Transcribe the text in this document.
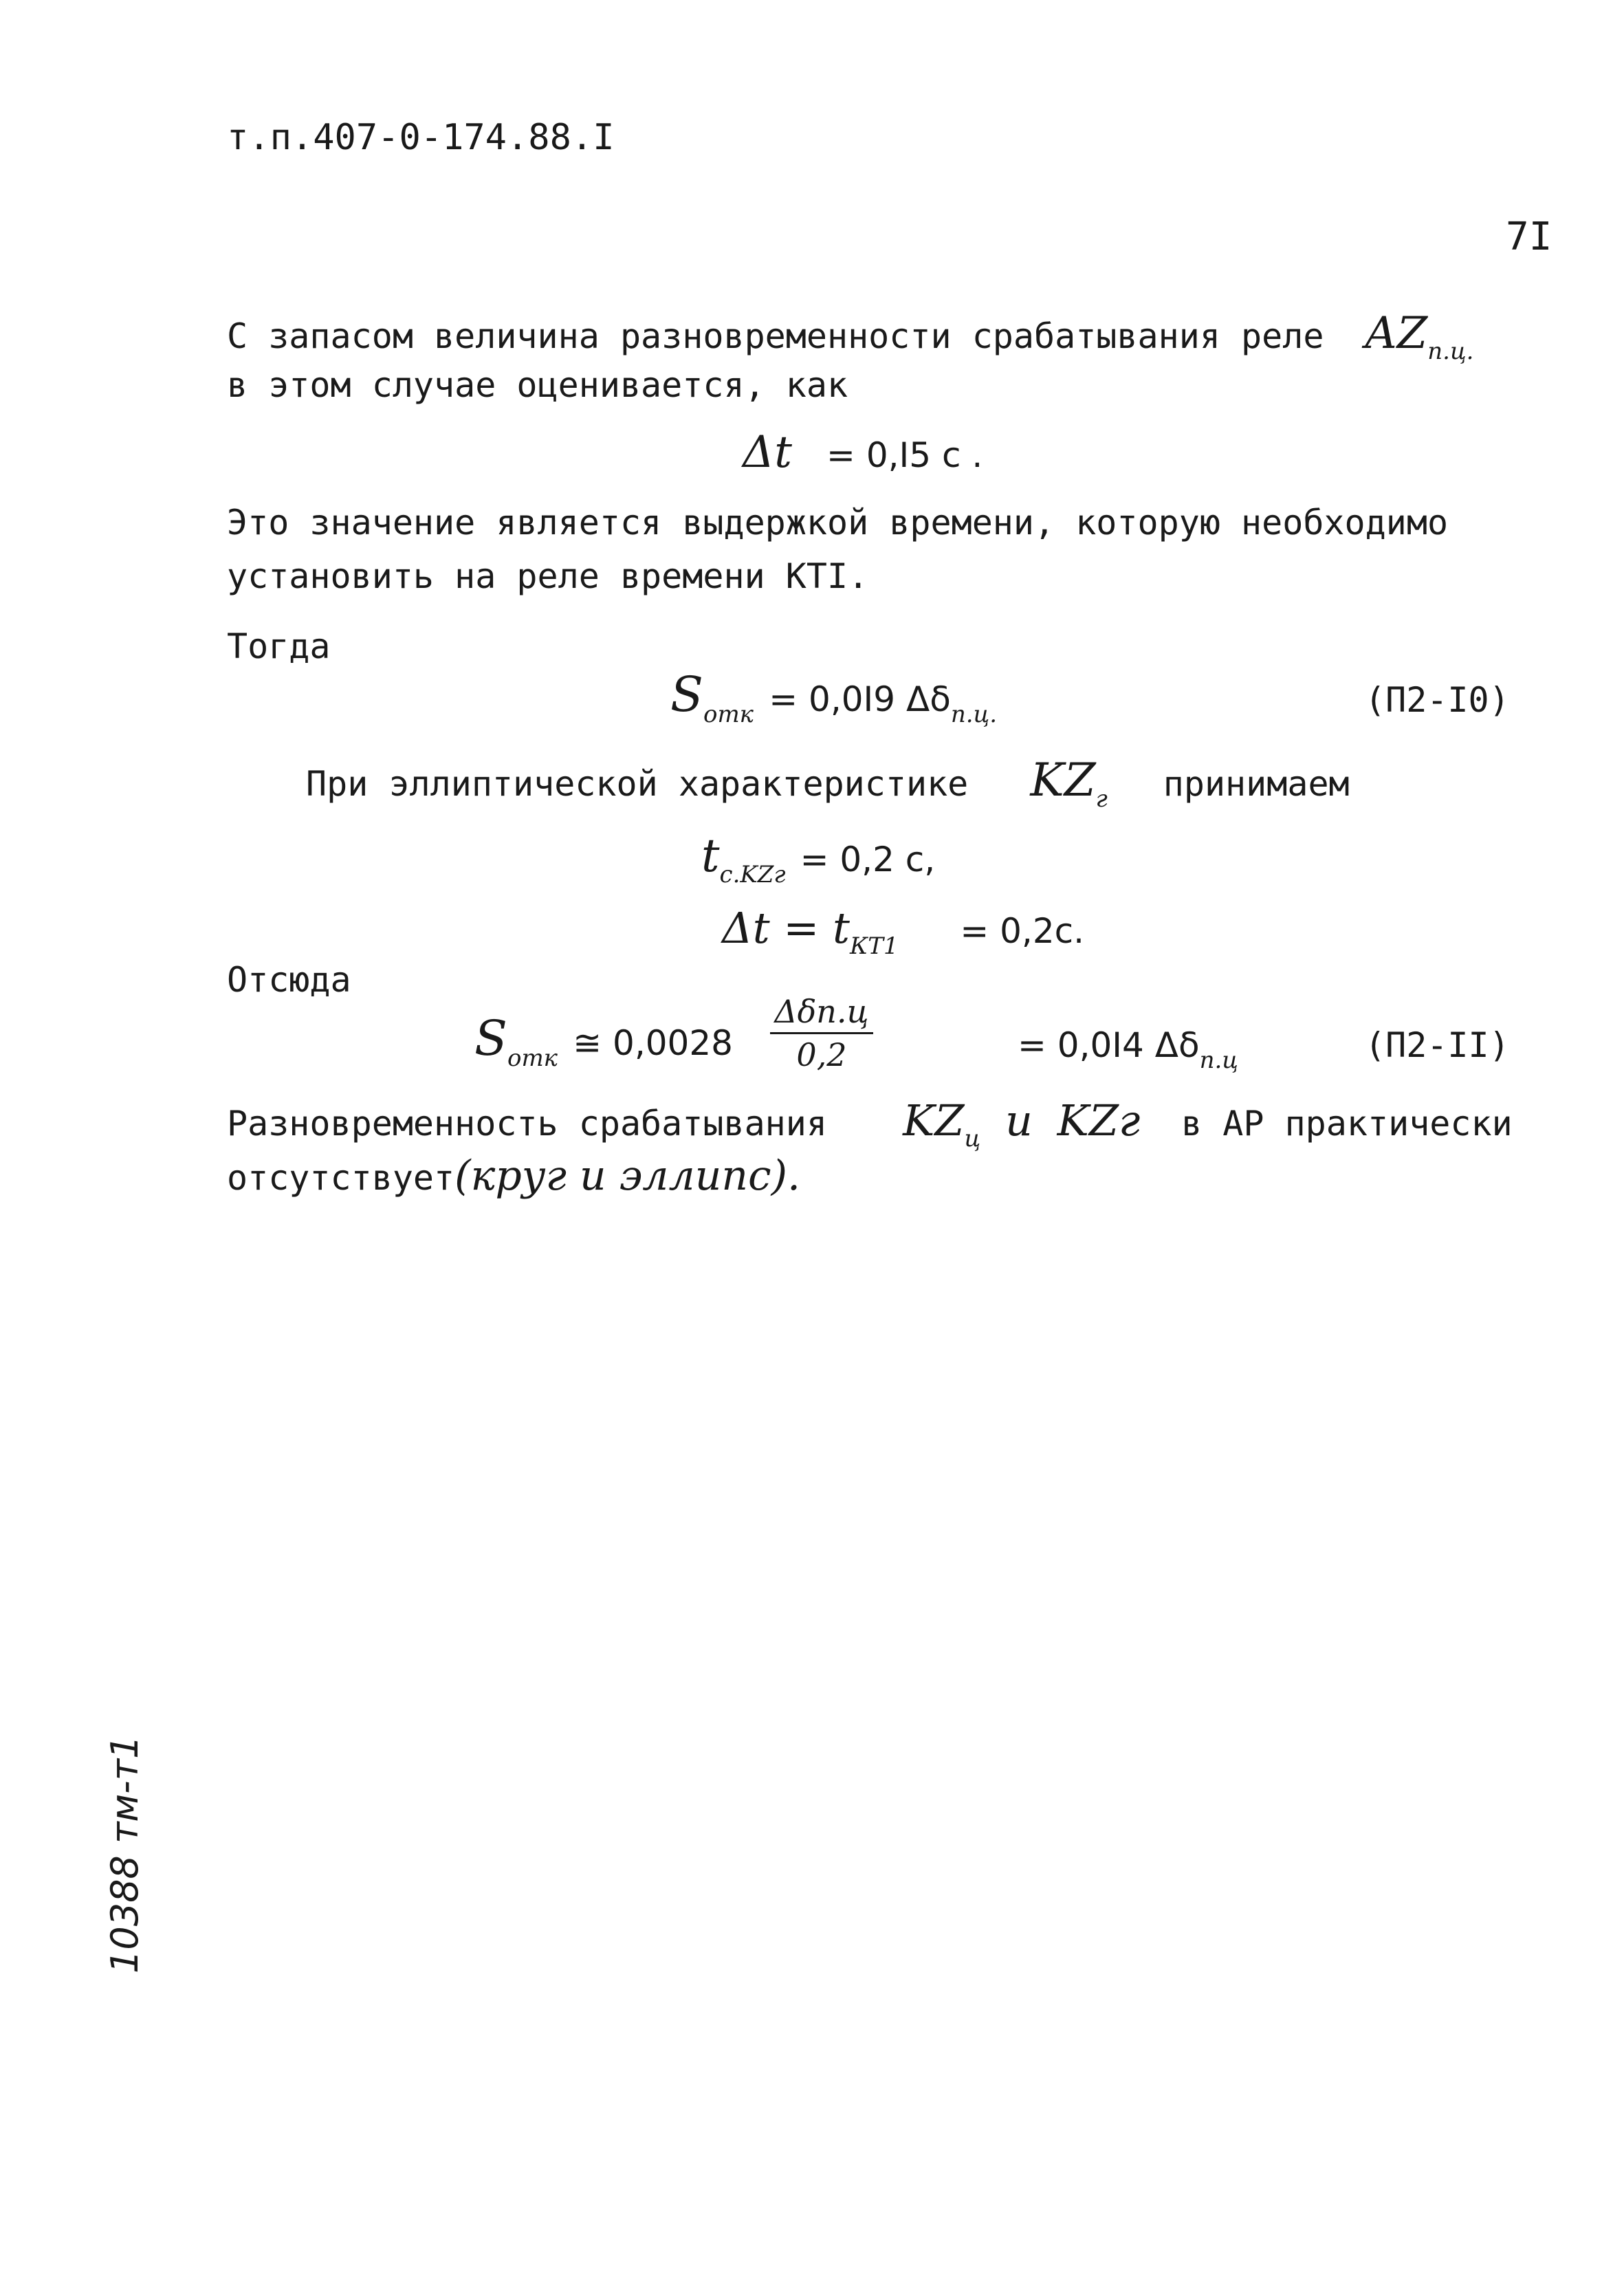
т.п.407-0-174.88.I
7I
С запасом величина разновременности срабатывания реле $AZ_{п.ц.}$
в этом случае оценивается, как
Δt = 0,I5 с .
Это значение является выдержкой времени, которую необходимо
установить на реле времени КТI.
Тогда
$S_{отк} = 0,0I9$ $\Delta\delta_{п.ц.}$	(П2-I0)
При эллиптической характеристике $KZ_г$ принимаем
$t_{с.KZг} = 0,2$ с,
$\Delta t = t_{КТ1} = 0,2с$.
Отсюда
$S_{отк}$ ≅ 0,0028
Δδп.ц
0,2	= 0,0I4 $\Delta\delta_{п.ц}$	(П2-II)
Разновременность срабатывания $KZ_ц$ и KZг в АР практически
отсутствует(круг и эллипс).
10388 тм-т1
